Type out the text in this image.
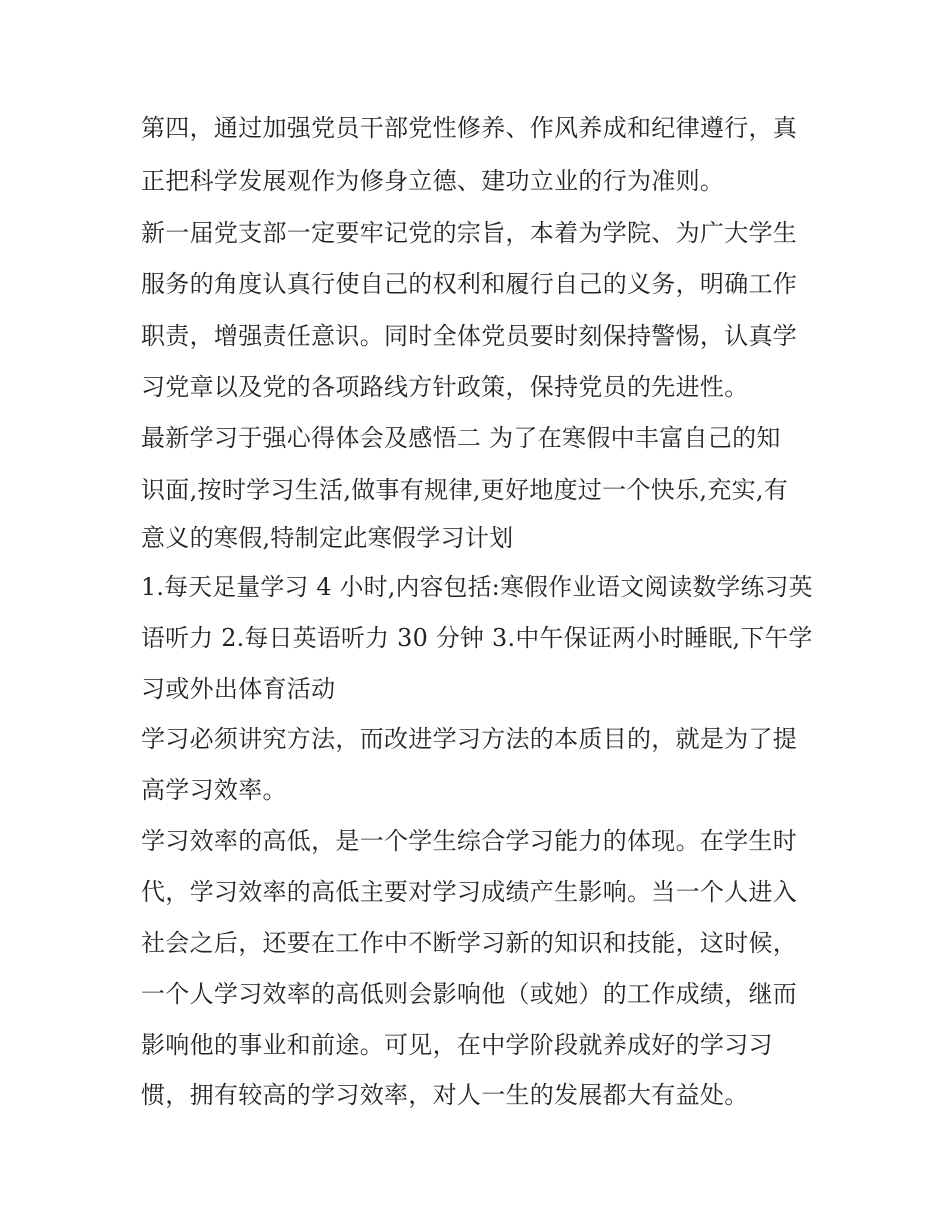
第四，通过加强党员干部党性修养、作风养成和纪律遵行，真

正把科学发展观作为修身立德、建功立业的行为准则。

新一届党支部一定要牢记党的宗旨，本着为学院、为广大学生

服务的角度认真行使自己的权利和履行自己的义务，明确工作

职责，增强责任意识。同时全体党员要时刻保持警惕，认真学

习党章以及党的各项路线方针政策，保持党员的先进性。

最新学习于强心得体会及感悟二 为了在寒假中丰富自己的知

识面,按时学习生活,做事有规律,更好地度过一个快乐,充实,有

意义的寒假,特制定此寒假学习计划

1.每天足量学习 4 小时,内容包括:寒假作业语文阅读数学练习英

语听力 2.每日英语听力 30 分钟 3.中午保证两小时睡眠,下午学

习或外出体育活动

学习必须讲究方法，而改进学习方法的本质目的，就是为了提

高学习效率。

学习效率的高低，是一个学生综合学习能力的体现。在学生时

代，学习效率的高低主要对学习成绩产生影响。当一个人进入

社会之后，还要在工作中不断学习新的知识和技能，这时候，

一个人学习效率的高低则会影响他（或她）的工作成绩，继而

影响他的事业和前途。可见，在中学阶段就养成好的学习习

惯，拥有较高的学习效率，对人一生的发展都大有益处。
